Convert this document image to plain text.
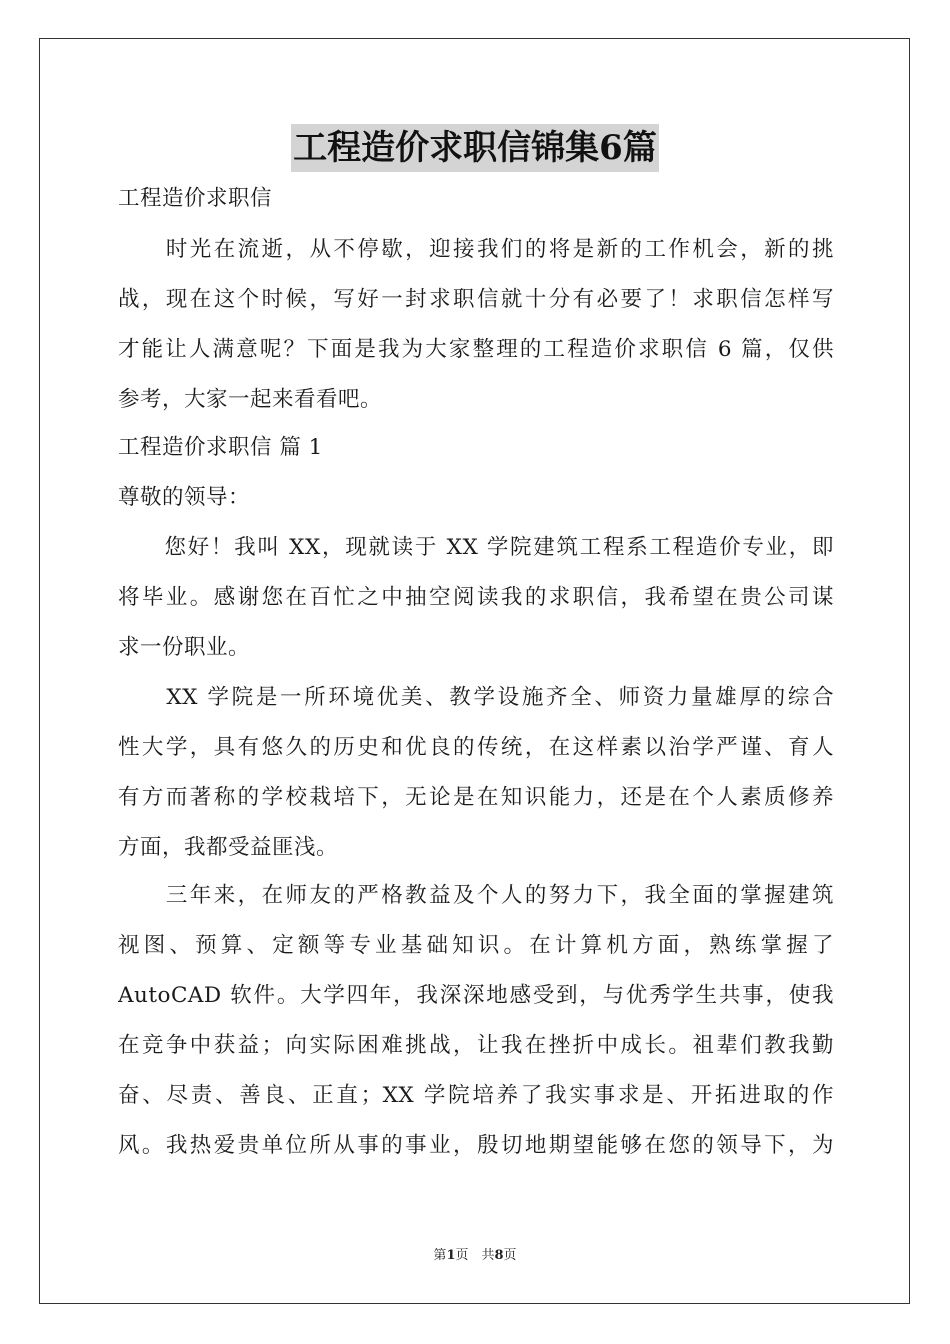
工程造价求职信锦集6篇
工程造价求职信
　　时光在流逝，从不停歇，迎接我们的将是新的工作机会，新的挑
战，现在这个时候，写好一封求职信就十分有必要了！求职信怎样写
才能让人满意呢？下面是我为大家整理的工程造价求职信 6 篇，仅供
参考，大家一起来看看吧。
工程造价求职信 篇 1
尊敬的领导：
　　您好！我叫 XX，现就读于 XX 学院建筑工程系工程造价专业，即
将毕业。感谢您在百忙之中抽空阅读我的求职信，我希望在贵公司谋
求一份职业。
　　XX 学院是一所环境优美、教学设施齐全、师资力量雄厚的综合
性大学，具有悠久的历史和优良的传统，在这样素以治学严谨、育人
有方而著称的学校栽培下，无论是在知识能力，还是在个人素质修养
方面，我都受益匪浅。
　　三年来，在师友的严格教益及个人的努力下，我全面的掌握建筑
视图、预算、定额等专业基础知识。在计算机方面，熟练掌握了
AutoCAD 软件。大学四年，我深深地感受到，与优秀学生共事，使我
在竞争中获益；向实际困难挑战，让我在挫折中成长。祖辈们教我勤
奋、尽责、善良、正直；XX 学院培养了我实事求是、开拓进取的作
风。我热爱贵单位所从事的事业，殷切地期望能够在您的领导下，为
第1页　共8页
